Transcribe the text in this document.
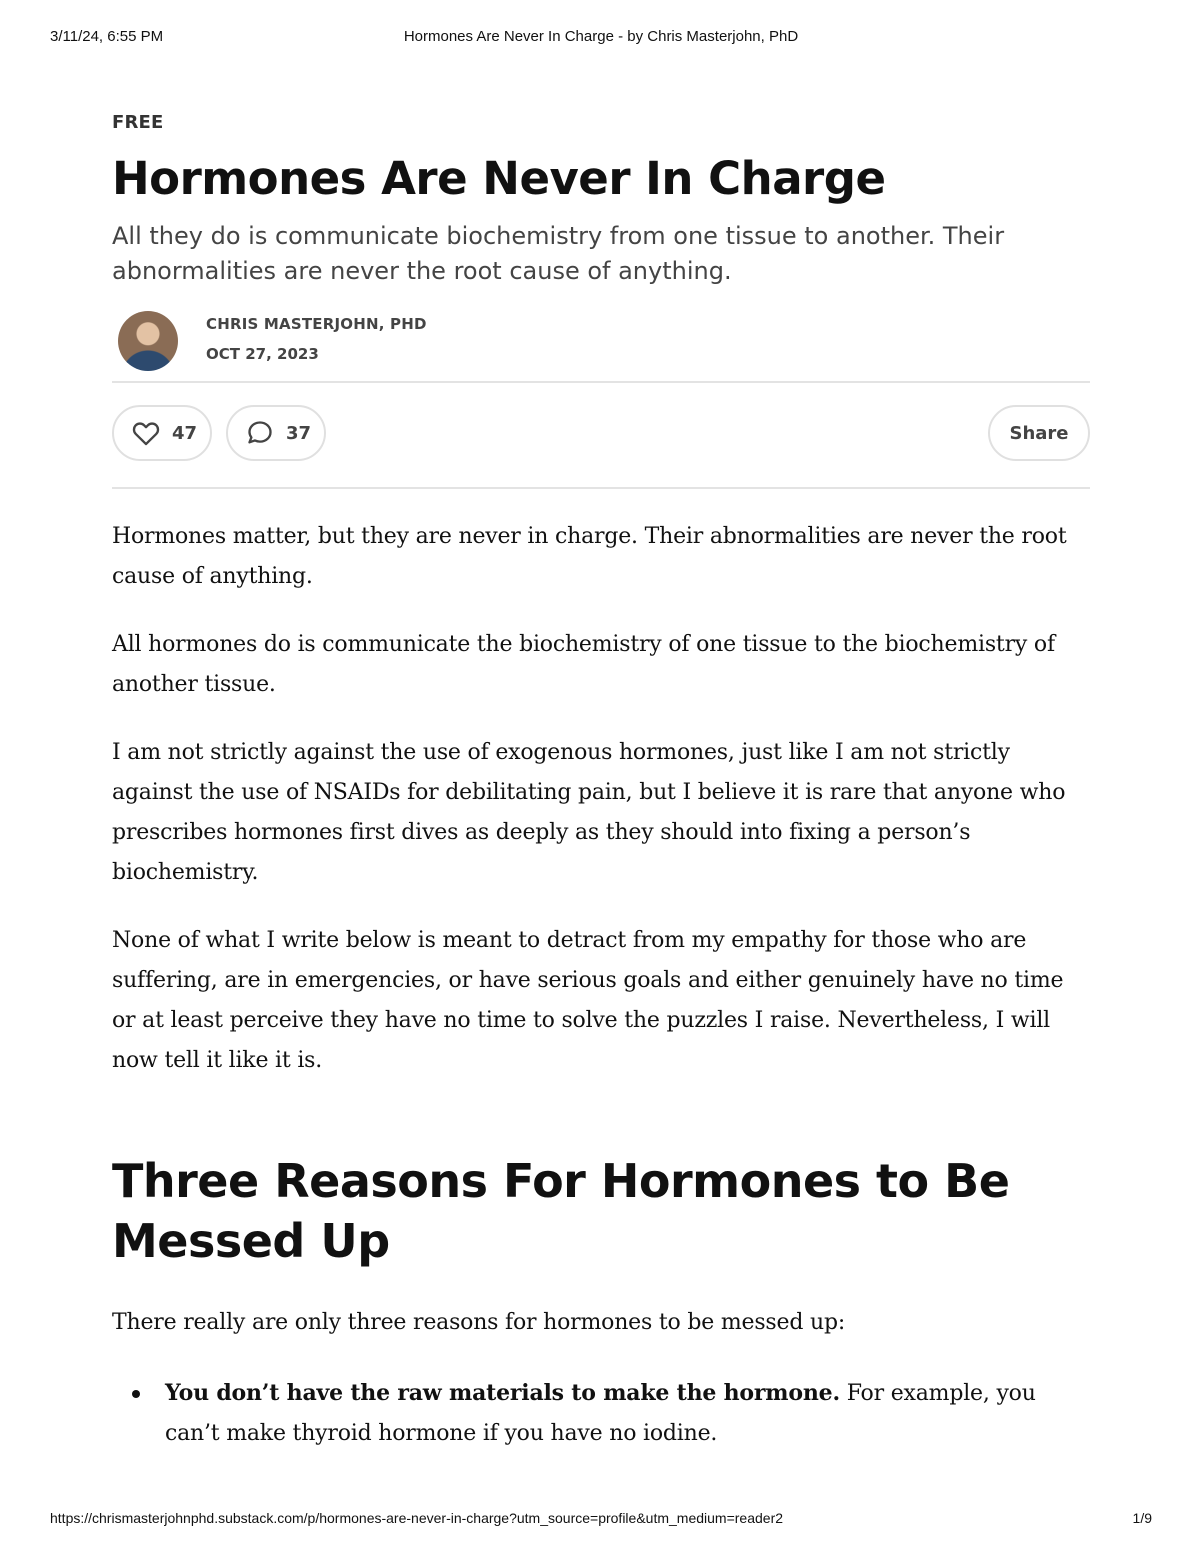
3/11/24, 6:55 PM	Hormones Are Never In Charge - by Chris Masterjohn, PhD
FREE
Hormones Are Never In Charge
All they do is communicate biochemistry from one tissue to another. Their abnormalities are never the root cause of anything.
CHRIS MASTERJOHN, PHD
OCT 27, 2023
47	37	Share

Hormones matter, but they are never in charge. Their abnormalities are never the root cause of anything.

All hormones do is communicate the biochemistry of one tissue to the biochemistry of another tissue.

I am not strictly against the use of exogenous hormones, just like I am not strictly against the use of NSAIDs for debilitating pain, but I believe it is rare that anyone who prescribes hormones first dives as deeply as they should into fixing a person’s biochemistry.

None of what I write below is meant to detract from my empathy for those who are suffering, are in emergencies, or have serious goals and either genuinely have no time or at least perceive they have no time to solve the puzzles I raise. Nevertheless, I will now tell it like it is.

Three Reasons For Hormones to Be Messed Up

There really are only three reasons for hormones to be messed up:

You don’t have the raw materials to make the hormone. For example, you can’t make thyroid hormone if you have no iodine.
https://chrismasterjohnphd.substack.com/p/hormones-are-never-in-charge?utm_source=profile&utm_medium=reader2	1/9
